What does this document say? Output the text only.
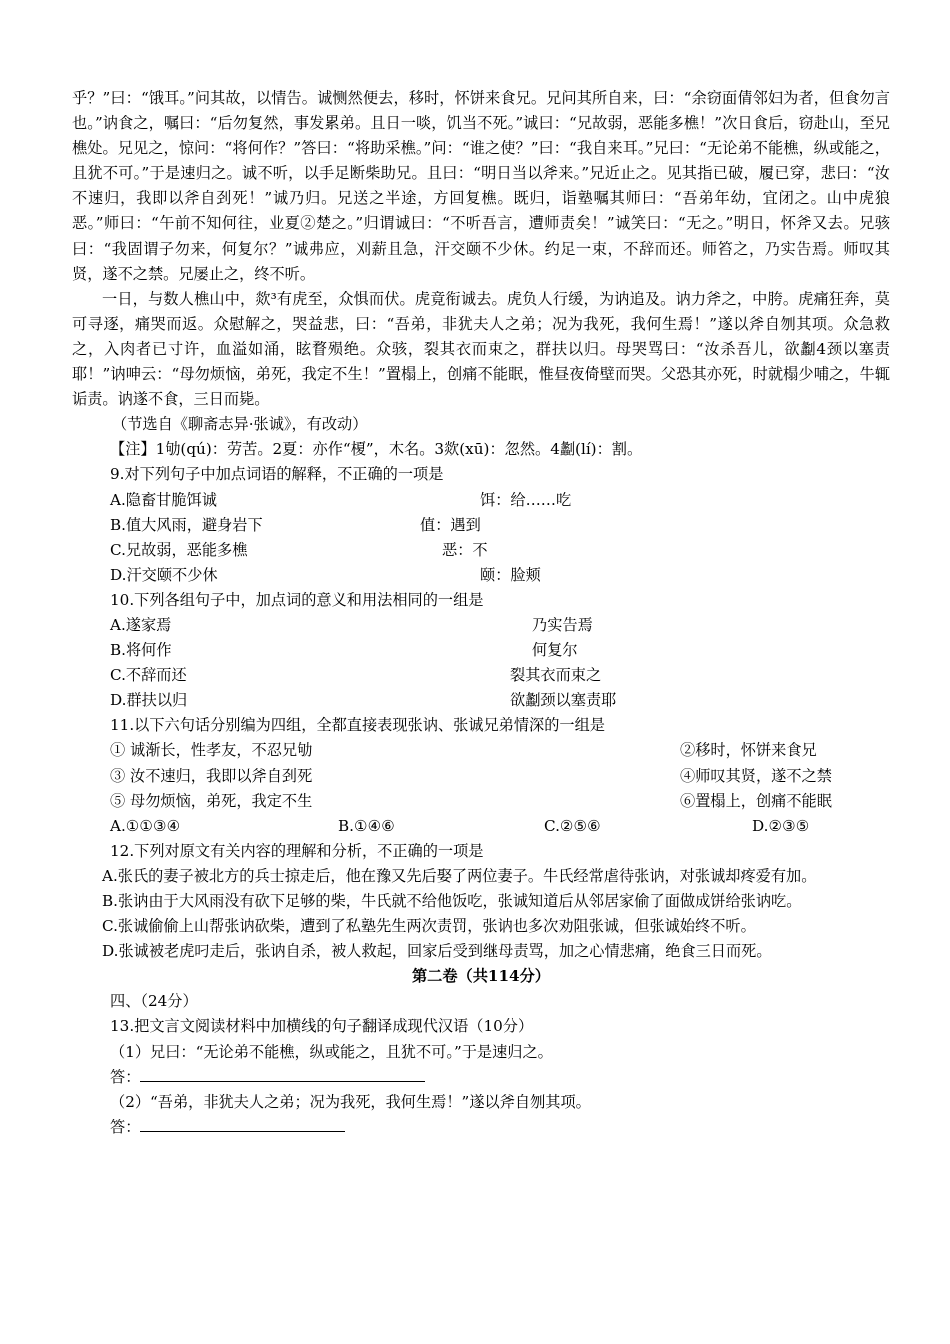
乎？”曰：“饿耳。”问其故，以情告。诚恻然便去，移时，怀饼来食兄。兄问其所自来，曰：“余窃面倩邻妇为者，但食勿言也。”讷食之，嘱曰：“后勿复然，事发累弟。且日一啖，饥当不死。”诚曰：“兄故弱，恶能多樵！”次日食后，窃赴山，至兄樵处。兄见之，惊问：“将何作？”答曰：“将助采樵。”问：“谁之使？”曰：“我自来耳。”兄曰：“无论弟不能樵，纵或能之，且犹不可。”于是速归之。诚不听，以手足断柴助兄。且曰：“明日当以斧来。”兄近止之。见其指已破，履已穿，悲曰：“汝不速归，我即以斧自刭死！”诚乃归。兄送之半途，方回复樵。既归，诣塾嘱其师曰：“吾弟年幼，宜闭之。山中虎狼恶。”师曰：“午前不知何往，业夏②楚之。”归谓诚曰：“不听吾言，遭师责矣！”诚笑曰：“无之。”明日，怀斧又去。兄骇曰：“我固谓子勿来，何复尔？”诚弗应，刈薪且急，汗交颐不少休。约足一束，不辞而还。师笞之，乃实告焉。师叹其贤，遂不之禁。兄屡止之，终不听。

一日，与数人樵山中，欻³有虎至，众惧而伏。虎竟衔诚去。虎负人行缓，为讷追及。讷力斧之，中胯。虎痛狂奔，莫可寻逐，痛哭而返。众慰解之，哭益悲，曰：“吾弟，非犹夫人之弟；况为我死，我何生焉！”遂以斧自刎其项。众急救之，入肉者已寸许，血溢如涌，眩瞀殒绝。众骇，裂其衣而束之，群扶以归。母哭骂曰：“汝杀吾儿，欲劙4颈以塞责耶！”讷呻云：“母勿烦恼，弟死，我定不生！”置榻上，创痛不能眠，惟昼夜倚壁而哭。父恐其亦死，时就榻少哺之，牛辄诟责。讷遂不食，三日而毙。

（节选自《聊斋志异·张诚》，有改动）

【注】1劬(qú)：劳苦。2夏：亦作“榎”，木名。3欻(xū)：忽然。4劙(lí)：割。

9.对下列句子中加点词语的解释，不正确的一项是

A.隐畜甘脆饵诚	饵：给……吃
B.值大风雨，避身岩下	值：遇到
C.兄故弱，恶能多樵	恶：不
D.汗交颐不少休	颐：脸颊

10.下列各组句子中，加点词的意义和用法相同的一组是

A.遂家焉	乃实告焉
B.将何作	何复尔
C.不辞而还	裂其衣而束之
D.群扶以归	欲劙颈以塞责耶

11.以下六句话分别编为四组，全都直接表现张讷、张诚兄弟情深的一组是

① 诚渐长，性孝友，不忍兄劬	②移时，怀饼来食兄
③ 汝不速归，我即以斧自刭死	④师叹其贤，遂不之禁
⑤ 母勿烦恼，弟死，我定不生	⑥置榻上，创痛不能眠
A.①①③④	B.①④⑥	C.②⑤⑥	D.②③⑤

12.下列对原文有关内容的理解和分析，不正确的一项是

A.张氏的妻子被北方的兵士掠走后，他在豫又先后娶了两位妻子。牛氏经常虐待张讷，对张诚却疼爱有加。

B.张讷由于大风雨没有砍下足够的柴，牛氏就不给他饭吃，张诚知道后从邻居家偷了面做成饼给张讷吃。

C.张诚偷偷上山帮张讷砍柴，遭到了私塾先生两次责罚，张讷也多次劝阻张诚，但张诚始终不听。

D.张诚被老虎叼走后，张讷自杀，被人救起，回家后受到继母责骂，加之心情悲痛，绝食三日而死。

第二卷（共114分）

四、（24分）

13.把文言文阅读材料中加横线的句子翻译成现代汉语（10分）

（1）兄曰：“无论弟不能樵，纵或能之，且犹不可。”于是速归之。

答：

（2）“吾弟，非犹夫人之弟；况为我死，我何生焉！”遂以斧自刎其项。

答：
